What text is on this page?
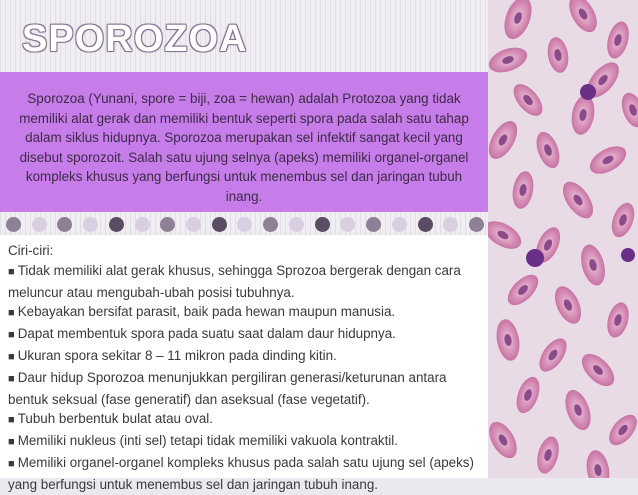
SPOROZOA
Sporozoa (Yunani, spore = biji, zoa = hewan) adalah Protozoa yang tidak memiliki alat gerak dan memiliki bentuk seperti spora pada salah satu tahap dalam siklus hidupnya. Sporozoa merupakan sel infektif sangat kecil yang disebut sporozoit. Salah satu ujung selnya (apeks) memiliki organel-organel kompleks khusus yang berfungsi untuk menembus sel dan jaringan tubuh inang.

Ciri-ciri:

■ Tidak memiliki alat gerak khusus, sehingga Sprozoa bergerak dengan cara meluncur atau mengubah-ubah posisi tubuhnya.

■ Kebayakan bersifat parasit, baik pada hewan maupun manusia.

■ Dapat membentuk spora pada suatu saat dalam daur hidupnya.

■ Ukuran spora sekitar 8 – 11 mikron pada dinding kitin.

■ Daur hidup Sporozoa menunjukkan pergiliran generasi/keturunan antara bentuk seksual (fase generatif) dan aseksual (fase vegetatif).

■ Tubuh berbentuk bulat atau oval.

■ Memiliki nukleus (inti sel) tetapi tidak memiliki vakuola kontraktil.

■ Memiliki organel-organel kompleks khusus pada salah satu ujung sel (apeks) yang berfungsi untuk menembus sel dan jaringan tubuh inang.
